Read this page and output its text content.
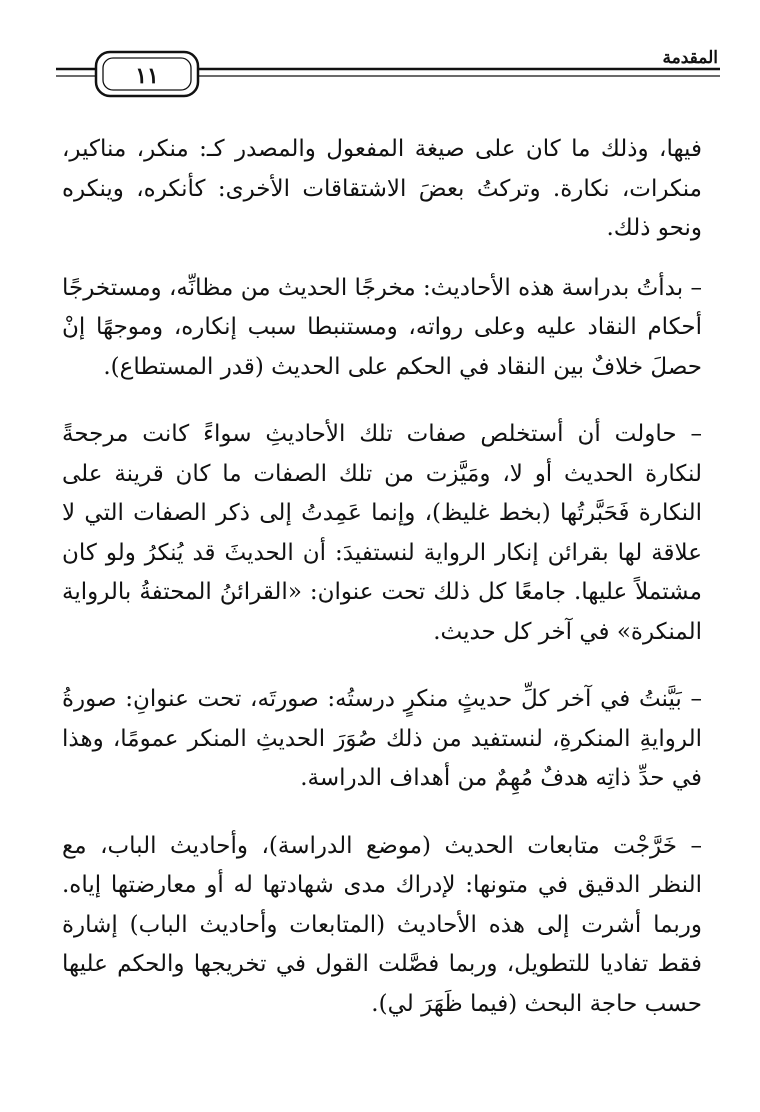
المقدمة
١١

فيها، وذلك ما كان على صيغة المفعول والمصدر كـ: منكر، مناكير، منكرات، نكارة. وتركتُ بعضَ الاشتقاقات الأخرى: كأنكره، وينكره ونحو ذلك.

– بدأتُ بدراسة هذه الأحاديث: مخرجًا الحديث من مظانِّه، ومستخرجًا أحكام النقاد عليه وعلى رواته، ومستنبطا سبب إنكاره، وموجهًا إنْ حصلَ خلافٌ بين النقاد في الحكم على الحديث (قدر المستطاع).

– حاولت أن أستخلص صفات تلك الأحاديثِ سواءً كانت مرجحةً لنكارة الحديث أو لا، ومَيَّزت من تلك الصفات ما كان قرينة على النكارة فَحَبَّرتُها (بخط غليظ)، وإنما عَمِدتُ إلى ذكر الصفات التي لا علاقة لها بقرائن إنكار الرواية لنستفيدَ: أن الحديثَ قد يُنكرُ ولو كان مشتملاً عليها. جامعًا كل ذلك تحت عنوان: «القرائنُ المحتفةُ بالرواية المنكرة» في آخر كل حديث.

– بَيَّنتُ في آخر كلِّ حديثٍ منكرٍ درستُه: صورتَه، تحت عنوانِ: صورةُ الروايةِ المنكرةِ، لنستفيد من ذلك صُوَرَ الحديثِ المنكر عمومًا، وهذا في حدِّ ذاتِه هدفٌ مُهِمٌ من أهداف الدراسة.

– خَرَّجْت متابعات الحديث (موضع الدراسة)، وأحاديث الباب، مع النظر الدقيق في متونها: لإدراك مدى شهادتها له أو معارضتها إياه. وربما أشرت إلى هذه الأحاديث (المتابعات وأحاديث الباب) إشارة فقط تفاديا للتطويل، وربما فصَّلت القول في تخريجها والحكم عليها حسب حاجة البحث (فيما ظَهَرَ لي).
